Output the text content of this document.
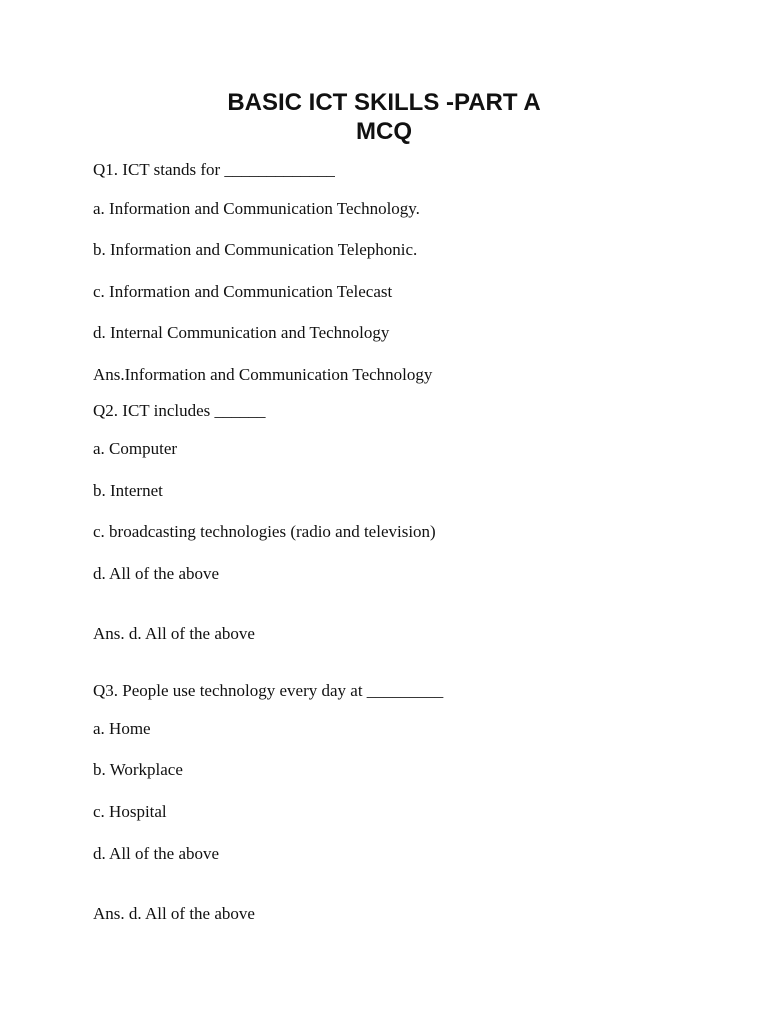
BASIC ICT SKILLS -PART A
MCQ

Q1. ICT stands for _____________

a. Information and Communication Technology.

b. Information and Communication Telephonic.

c. Information and Communication Telecast

d. Internal Communication and Technology

Ans.Information and Communication Technology

Q2. ICT includes ______

a. Computer

b. Internet

c. broadcasting technologies (radio and television)

d. All of the above

Ans. d. All of the above

Q3. People use technology every day at _________

a. Home

b. Workplace

c. Hospital

d. All of the above

Ans. d. All of the above
